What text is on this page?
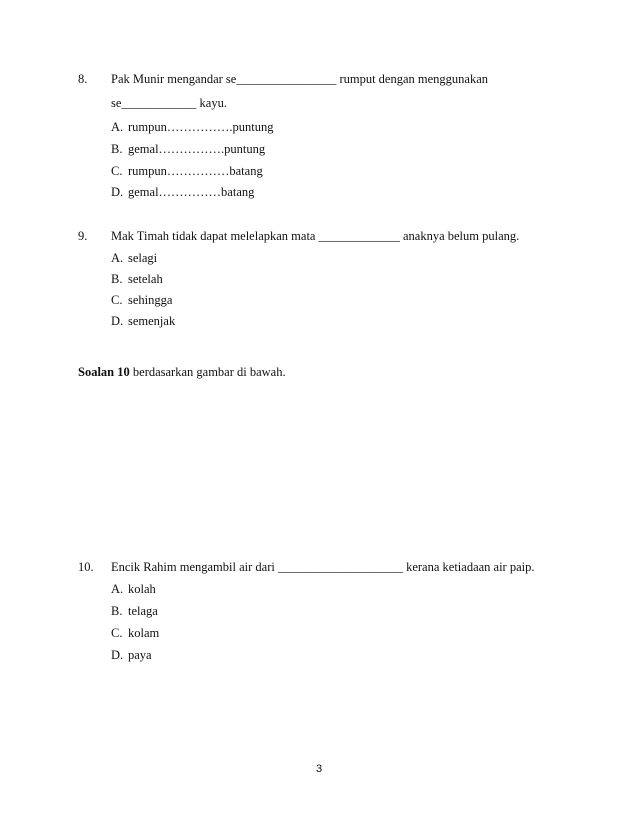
8. Pak Munir mengandar se________________ rumput dengan menggunakan
se____________ kayu.
A. rumpun…………….puntung
B. gemal…………….puntung
C. rumpun……………batang
D. gemal……………batang
9. Mak Timah tidak dapat melelapkan mata _____________ anaknya belum pulang.
A. selagi
B. setelah
C. sehingga
D. semenjak
Soalan 10 berdasarkan gambar di bawah.
10. Encik Rahim mengambil air dari ____________________ kerana ketiadaan air paip.
A. kolah
B. telaga
C. kolam
D. paya
3
